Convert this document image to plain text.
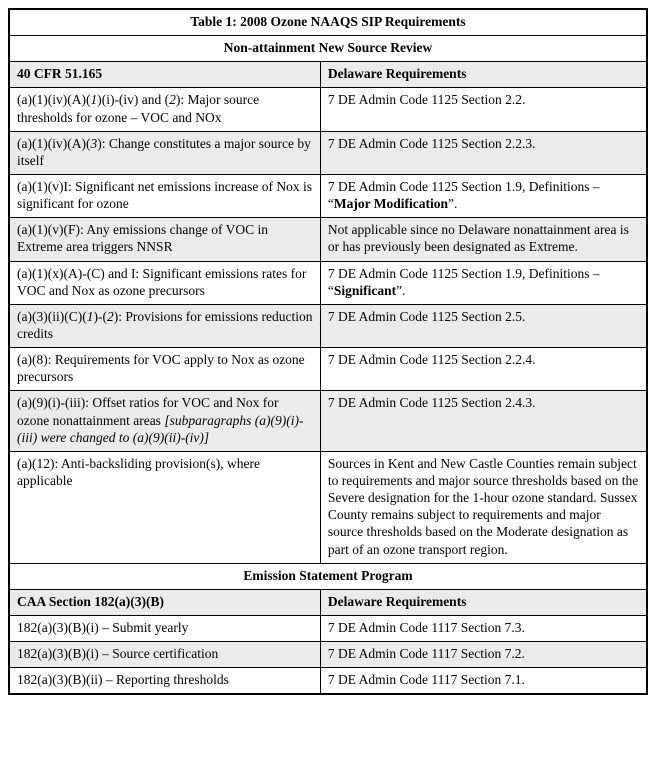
Table 1: 2008 Ozone NAAQS SIP Requirements	
Non-attainment New Source Review	
40 CFR 51.165	Delaware Requirements
(a)(1)(iv)(A)(1)(i)-(iv) and (2): Major source thresholds for ozone – VOC and NOx	7 DE Admin Code 1125 Section 2.2.
(a)(1)(iv)(A)(3): Change constitutes a major source by itself	7 DE Admin Code 1125 Section 2.2.3.
(a)(1)(v)I: Significant net emissions increase of Nox is significant for ozone	7 DE Admin Code 1125 Section 1.9, Definitions – “Major Modification”.
(a)(1)(v)(F): Any emissions change of VOC in Extreme area triggers NNSR	Not applicable since no Delaware nonattainment area is or has previously been designated as Extreme.
(a)(1)(x)(A)-(C) and I: Significant emissions rates for VOC and Nox as ozone precursors	7 DE Admin Code 1125 Section 1.9, Definitions – “Significant”.
(a)(3)(ii)(C)(1)-(2): Provisions for emissions reduction credits	7 DE Admin Code 1125 Section 2.5.
(a)(8): Requirements for VOC apply to Nox as ozone precursors	7 DE Admin Code 1125 Section 2.2.4.
(a)(9)(i)-(iii): Offset ratios for VOC and Nox for ozone nonattainment areas [subparagraphs (a)(9)(i)-(iii) were changed to (a)(9)(ii)-(iv)]	7 DE Admin Code 1125 Section 2.4.3.
(a)(12): Anti-backsliding provision(s), where applicable	Sources in Kent and New Castle Counties remain subject to requirements and major source thresholds based on the Severe designation for the 1-hour ozone standard. Sussex County remains subject to requirements and major source thresholds based on the Moderate designation as part of an ozone transport region.
Emission Statement Program	
CAA Section 182(a)(3)(B)	Delaware Requirements
182(a)(3)(B)(i) – Submit yearly	7 DE Admin Code 1117 Section 7.3.
182(a)(3)(B)(i) – Source certification	7 DE Admin Code 1117 Section 7.2.
182(a)(3)(B)(ii) – Reporting thresholds	7 DE Admin Code 1117 Section 7.1.
